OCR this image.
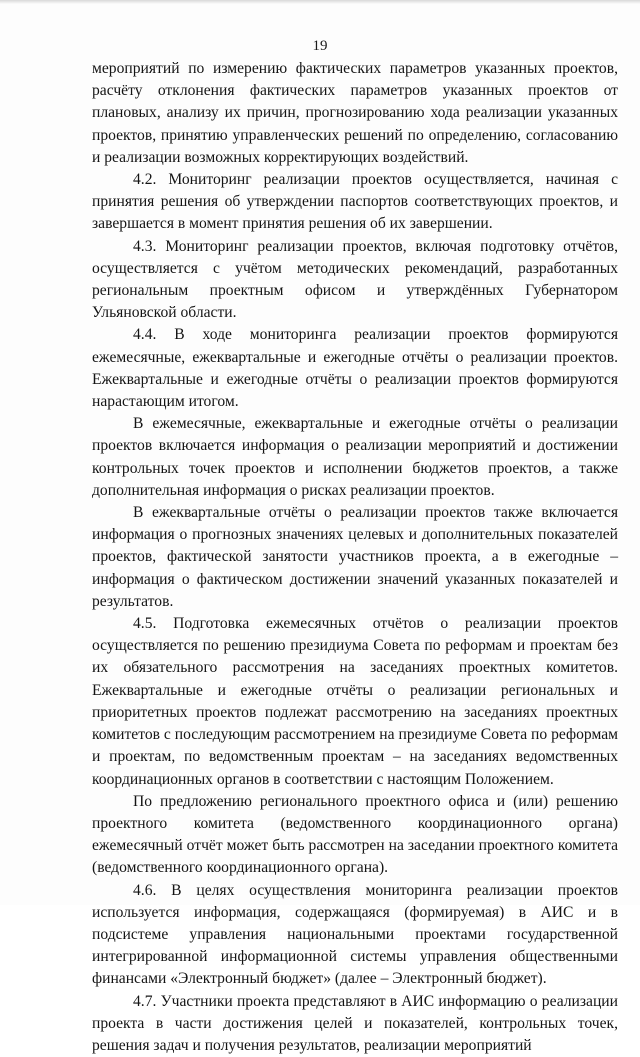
19

мероприятий по измерению фактических параметров указанных проектов, расчёту отклонения фактических параметров указанных проектов от плановых, анализу их причин, прогнозированию хода реализации указанных проектов, принятию управленческих решений по определению, согласованию и реализации возможных корректирующих воздействий.

4.2. Мониторинг реализации проектов осуществляется, начиная с принятия решения об утверждении паспортов соответствующих проектов, и завершается в момент принятия решения об их завершении.

4.3. Мониторинг реализации проектов, включая подготовку отчётов, осуществляется с учётом методических рекомендаций, разработанных региональным проектным офисом и утверждённых Губернатором Ульяновской области.

4.4. В ходе мониторинга реализации проектов формируются ежемесячные, ежеквартальные и ежегодные отчёты о реализации проектов. Ежеквартальные и ежегодные отчёты о реализации проектов формируются нарастающим итогом.

В ежемесячные, ежеквартальные и ежегодные отчёты о реализации проектов включается информация о реализации мероприятий и достижении контрольных точек проектов и исполнении бюджетов проектов, а также дополнительная информация о рисках реализации проектов.

В ежеквартальные отчёты о реализации проектов также включается информация о прогнозных значениях целевых и дополнительных показателей проектов, фактической занятости участников проекта, а в ежегодные – информация о фактическом достижении значений указанных показателей и результатов.

4.5. Подготовка ежемесячных отчётов о реализации проектов осуществляется по решению президиума Совета по реформам и проектам без их обязательного рассмотрения на заседаниях проектных комитетов. Ежеквартальные и ежегодные отчёты о реализации региональных и приоритетных проектов подлежат рассмотрению на заседаниях проектных комитетов с последующим рассмотрением на президиуме Совета по реформам и проектам, по ведомственным проектам – на заседаниях ведомственных координационных органов в соответствии с настоящим Положением.

По предложению регионального проектного офиса и (или) решению проектного комитета (ведомственного координационного органа) ежемесячный отчёт может быть рассмотрен на заседании проектного комитета (ведомственного координационного органа).

4.6. В целях осуществления мониторинга реализации проектов используется информация, содержащаяся (формируемая) в АИС и в подсистеме управления национальными проектами государственной интегрированной информационной системы управления общественными финансами «Электронный бюджет» (далее – Электронный бюджет).

4.7. Участники проекта представляют в АИС информацию о реализации проекта в части достижения целей и показателей, контрольных точек, решения задач и получения результатов, реализации мероприятий
